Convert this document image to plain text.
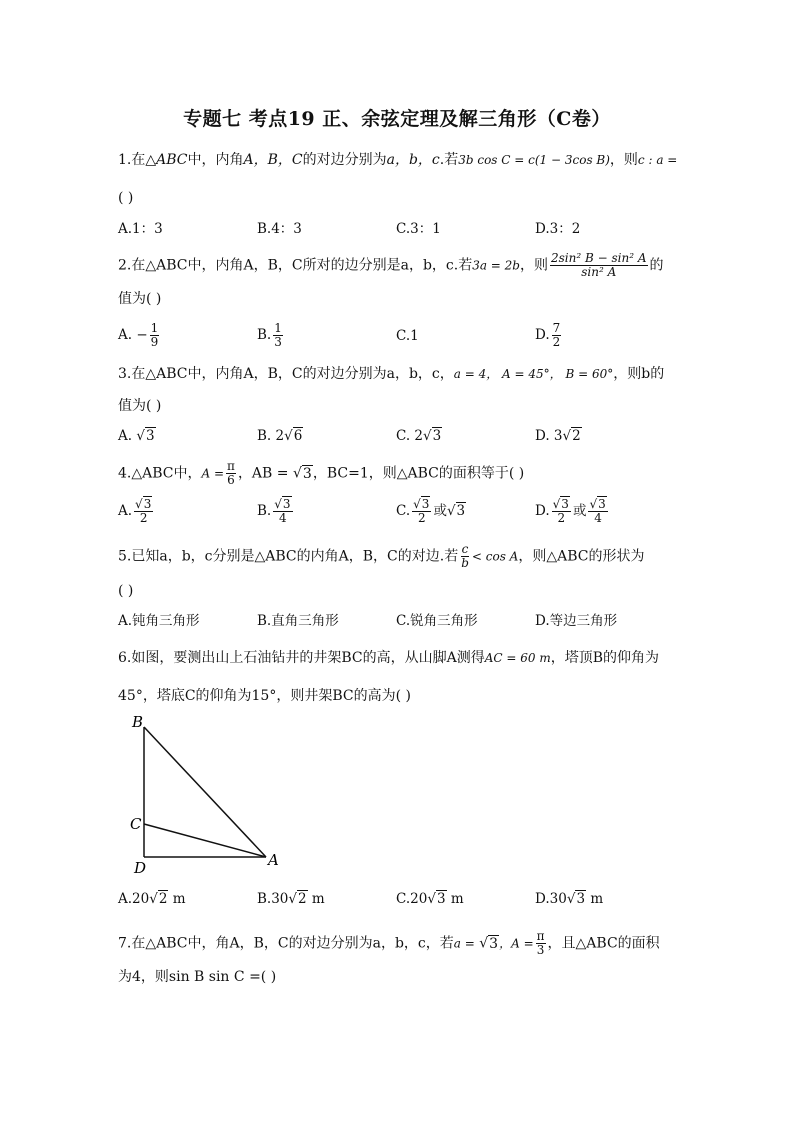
专题七 考点19 正、余弦定理及解三角形（C卷）
1.在△ABC中，内角A，B，C的对边分别为a，b，c.若3b cos C = c(1 − 3cos B)，则c : a =
( )
A.1：3	B.4：3	C.3：1	D.3：2
2.在△ABC中，内角A，B，C所对的边分别是a，b，c.若3a = 2b，则 $\frac{\text{2sin² B − sin² A}}{\text{sin² A}}$ 的
值为( )
A. − $\frac{1}{9}$	B. $\frac{1}{3}$	C.1	D. $\frac{7}{2}$
3.在△ABC中，内角A，B，C的对边分别为a，b，c，a = 4， A = 45°， B = 60°，则b的
值为( )
A. √3	B. 2√6	C. 2√3	D. 3√2
4.△ABC中，$A = \frac{\pi}{6}$ ，AB = √3，BC=1，则△ABC的面积等于( )
A. $\frac{√3}{2}$	B. $\frac{√3}{4}$	C. $\frac{√3}{2}$ 或√3	D. $\frac{√3}{2}$ 或 $\frac{√3}{4}$
5.已知a，b，c分别是△ABC的内角A，B，C的对边.若 $\frac{c}{b} < \cos A$，则△ABC的形状为
( )
A.钝角三角形	B.直角三角形	C.锐角三角形	D.等边三角形
6.如图，要测出山上石油钻井的井架BC的高，从山脚A测得AC = 60 m，塔顶B的仰角为
45°，塔底C的仰角为15°，则井架BC的高为( )
B
C
D	A
A.20√2 m	B.30√2 m	C.20√3 m	D.30√3 m
7.在△ABC中，角A，B，C的对边分别为a，b，c，若a = √3，$A = \frac{\pi}{3}$ ，且△ABC的面积
为4，则sin B sin C =( )
